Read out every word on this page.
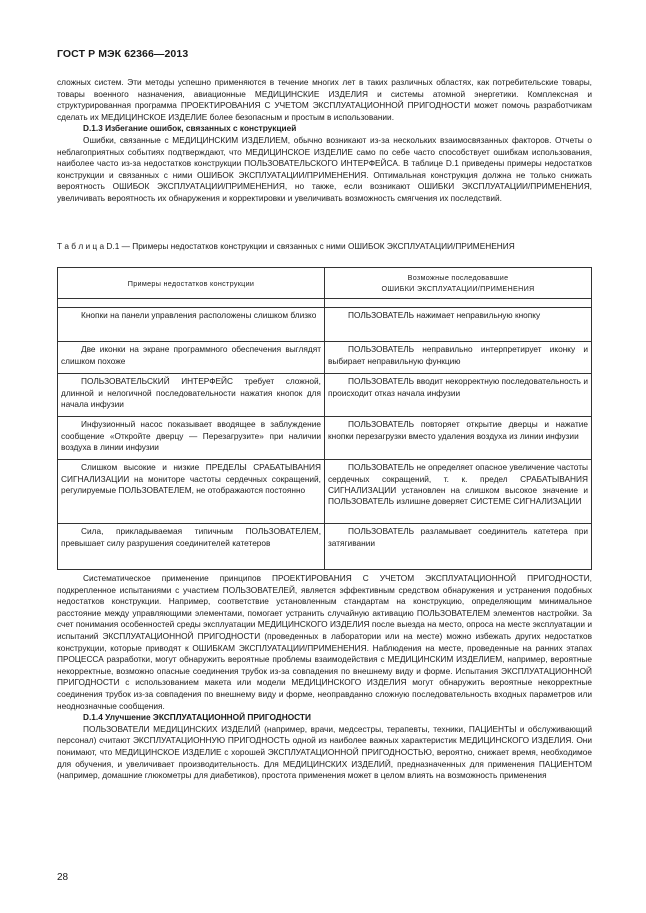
ГОСТ Р МЭК 62366—2013

сложных систем. Эти методы успешно применяются в течение многих лет в таких различных областях, как потребительские товары, товары военного назначения, авиационные МЕДИЦИНСКИЕ ИЗДЕЛИЯ и системы атомной энергетики. Комплексная и структурированная программа ПРОЕКТИРОВАНИЯ С УЧЕТОМ ЭКСПЛУАТАЦИОННОЙ ПРИГОДНОСТИ может помочь разработчикам сделать их МЕДИЦИНСКОЕ ИЗДЕЛИЕ более безопасным и простым в использовании.

D.1.3 Избегание ошибок, связанных с конструкцией

Ошибки, связанные с МЕДИЦИНСКИМ ИЗДЕЛИЕМ, обычно возникают из-за нескольких взаимосвязанных факторов. Отчеты о неблагоприятных событиях подтверждают, что МЕДИЦИНСКОЕ ИЗДЕЛИЕ само по себе часто способствует ошибкам использования, наиболее часто из-за недостатков конструкции ПОЛЬЗОВАТЕЛЬСКОГО ИНТЕРФЕЙСА. В таблице D.1 приведены примеры недостатков конструкции и связанных с ними ОШИБОК ЭКСПЛУАТАЦИИ/ПРИМЕНЕНИЯ. Оптимальная конструкция должна не только снижать вероятность ОШИБОК ЭКСПЛУАТАЦИИ/ПРИМЕНЕНИЯ, но также, если возникают ОШИБКИ ЭКСПЛУАТАЦИИ/ПРИМЕНЕНИЯ, увеличивать вероятность их обнаружения и корректировки и увеличивать возможность смягчения их последствий.

Т а б л и ц а D.1 — Примеры недостатков конструкции и связанных с ними ОШИБОК ЭКСПЛУАТАЦИИ/ПРИМЕНЕНИЯ
Примеры недостатков конструкции	Возможные последовавшие
ОШИБКИ ЭКСПЛУАТАЦИИ/ПРИМЕНЕНИЯ

Кнопки на панели управления расположены слишком близко	ПОЛЬЗОВАТЕЛЬ нажимает неправильную кнопку

Две иконки на экране программного обеспечения выглядят слишком похоже	ПОЛЬЗОВАТЕЛЬ неправильно интерпретирует иконку и выбирает неправильную функцию

ПОЛЬЗОВАТЕЛЬСКИЙ ИНТЕРФЕЙС требует сложной, длинной и нелогичной последовательности нажатия кнопок для начала инфузии	ПОЛЬЗОВАТЕЛЬ вводит некорректную последовательность и происходит отказ начала инфузии

Инфузионный насос показывает вводящее в заблуждение сообщение «Откройте дверцу — Перезагрузите» при наличии воздуха в линии инфузии	ПОЛЬЗОВАТЕЛЬ повторяет открытие дверцы и нажатие кнопки перезагрузки вместо удаления воздуха из линии инфузии

Слишком высокие и низкие ПРЕДЕЛЫ СРАБАТЫВАНИЯ СИГНАЛИЗАЦИИ на мониторе частоты сердечных сокращений, регулируемые ПОЛЬЗОВАТЕЛЕМ, не отображаются постоянно	ПОЛЬЗОВАТЕЛЬ не определяет опасное увеличение частоты сердечных сокращений, т. к. предел СРАБАТЫВАНИЯ СИГНАЛИЗАЦИИ установлен на слишком высокое значение и ПОЛЬЗОВАТЕЛЬ излишне доверяет СИСТЕМЕ СИГНАЛИЗАЦИИ

Сила, прикладываемая типичным ПОЛЬЗОВАТЕЛЕМ, превышает силу разрушения соединителей катетеров	ПОЛЬЗОВАТЕЛЬ разламывает соединитель катетера при затягивании

Систематическое применение принципов ПРОЕКТИРОВАНИЯ С УЧЕТОМ ЭКСПЛУАТАЦИОННОЙ ПРИГОДНОСТИ, подкрепленное испытаниями с участием ПОЛЬЗОВАТЕЛЕЙ, является эффективным средством обнаружения и устранения подобных недостатков конструкции. Например, соответствие установленным стандартам на конструкцию, определяющим минимальное расстояние между управляющими элементами, помогает устранить случайную активацию ПОЛЬЗОВАТЕЛЕМ элементов настройки. За счет понимания особенностей среды эксплуатации МЕДИЦИНСКОГО ИЗДЕЛИЯ после выезда на место, опроса на месте эксплуатации и испытаний ЭКСПЛУАТАЦИОННОЙ ПРИГОДНОСТИ (проведенных в лаборатории или на месте) можно избежать других недостатков конструкции, которые приводят к ОШИБКАМ ЭКСПЛУАТАЦИИ/ПРИМЕНЕНИЯ. Наблюдения на месте, проведенные на ранних этапах ПРОЦЕССА разработки, могут обнаружить вероятные проблемы взаимодействия с МЕДИЦИНСКИМ ИЗДЕЛИЕМ, например, вероятные некорректные, возможно опасные соединения трубок из-за совпадения по внешнему виду и форме. Испытания ЭКСПЛУАТАЦИОННОЙ ПРИГОДНОСТИ с использованием макета или модели МЕДИЦИНСКОГО ИЗДЕЛИЯ могут обнаружить вероятные некорректные соединения трубок из-за совпадения по внешнему виду и форме, неоправданно сложную последовательность входных параметров или неоднозначные сообщения.

D.1.4 Улучшение ЭКСПЛУАТАЦИОННОЙ ПРИГОДНОСТИ

ПОЛЬЗОВАТЕЛИ МЕДИЦИНСКИХ ИЗДЕЛИЙ (например, врачи, медсестры, терапевты, техники, ПАЦИЕНТЫ и обслуживающий персонал) считают ЭКСПЛУАТАЦИОННУЮ ПРИГОДНОСТЬ одной из наиболее важных характеристик МЕДИЦИНСКОГО ИЗДЕЛИЯ. Они понимают, что МЕДИЦИНСКОЕ ИЗДЕЛИЕ с хорошей ЭКСПЛУАТАЦИОННОЙ ПРИГОДНОСТЬЮ, вероятно, снижает время, необходимое для обучения, и увеличивает производительность. Для МЕДИЦИНСКИХ ИЗДЕЛИЙ, предназначенных для применения ПАЦИЕНТОМ (например, домашние глюкометры для диабетиков), простота применения может в целом влиять на возможность применения

28
